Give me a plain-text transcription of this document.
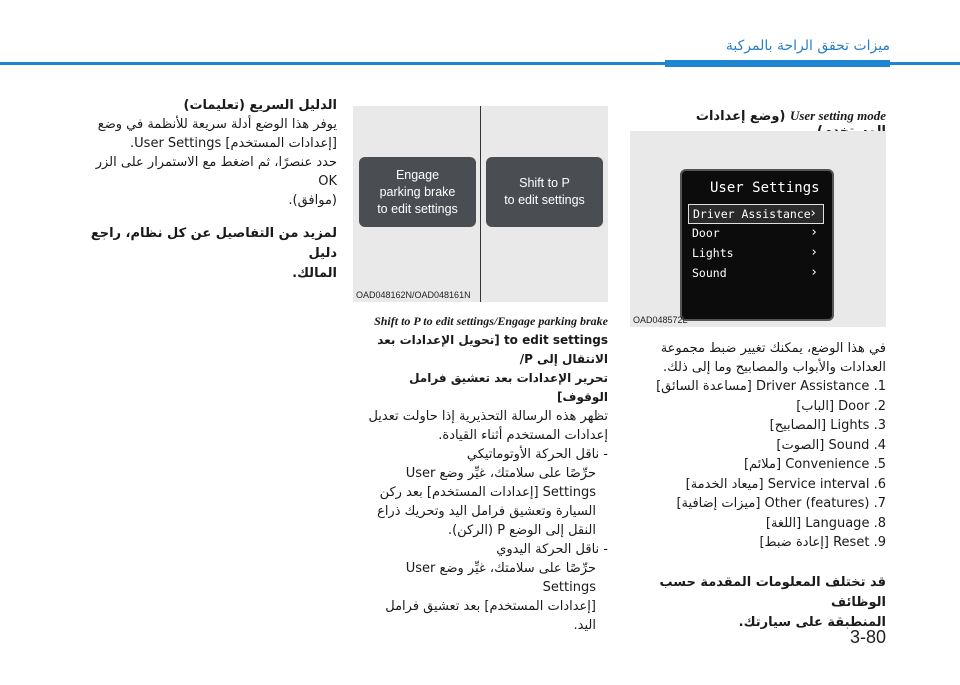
ميزات تحقق الراحة بالمركبة
الدليل السريع (تعليمات)
يوفر هذا الوضع أدلة سريعة للأنظمة في وضع
[إعدادات المستخدم] User Settings.
حدد عنصرًا، ثم اضغط مع الاستمرار على الزر OK
(موافق).
لمزيد من التفاصيل عن كل نظام، راجع دليل
المالك.
Engage
parking brake
to edit settings
Shift to P
to edit settings
OAD048162N/OAD048161N
Shift to P to edit settings/Engage parking brake
to edit settings [تحويل الإعدادات بعد الانتقال إلى P/
تحرير الإعدادات بعد تعشيق فرامل الوقوف]
تظهر هذه الرسالة التحذيرية إذا حاولت تعديل
إعدادات المستخدم أثناء القيادة.
- ناقل الحركة الأوتوماتيكي
حرِّصًا على سلامتك، غيِّر وضع User
Settings [إعدادات المستخدم] بعد ركن
السيارة وتعشيق فرامل اليد وتحريك ذراع
النقل إلى الوضع P (الركن).
- ناقل الحركة اليدوي
حرِّصًا على سلامتك، غيِّر وضع User Settings
[إعدادات المستخدم] بعد تعشيق فرامل
اليد.
User setting mode (وضع إعدادات
User Settings
Driver Assistance
›
Door	›
Lights	›
Sound	›
OAD048572L
في هذا الوضع، يمكنك تغيير ضبط مجموعة
العدادات والأبواب والمصابيح وما إلى ذلك.
1. Driver Assistance [مساعدة السائق]
2. Door [الباب]
3. Lights [المصابيح]
4. Sound [الصوت]
5. Convenience [ملائم]
6. Service interval [ميعاد الخدمة]
7. Other (features) [ميزات إضافية]
8. Language [اللغة]
9. Reset [إعادة ضبط]
قد تختلف المعلومات المقدمة حسب الوظائف
المنطبقة على سيارتك.
3-80
